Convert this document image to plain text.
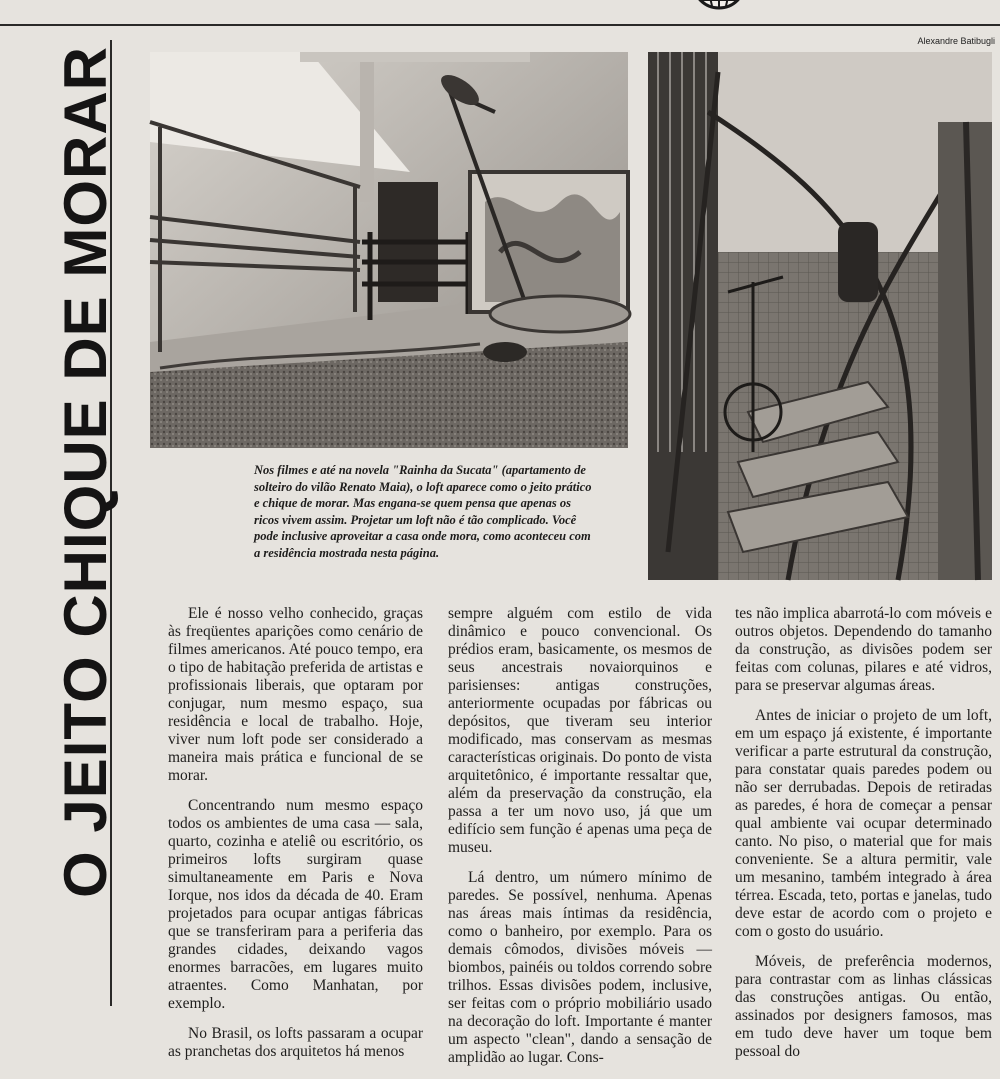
O JEITO CHIQUE DE MORAR
Alexandre Batibugli

Nos filmes e até na novela "Rainha da Sucata" (apartamento de solteiro do vilão Renato Maia), o loft aparece como o jeito prático e chique de morar. Mas engana-se quem pensa que apenas os ricos vivem assim. Projetar um loft não é tão complicado. Você pode inclusive aproveitar a casa onde mora, como aconteceu com a residência mostrada nesta página.

Ele é nosso velho conhecido, graças às freqüentes aparições como cenário de filmes americanos. Até pouco tempo, era o tipo de habitação preferida de artistas e profissionais liberais, que optaram por conjugar, num mesmo espaço, sua residência e local de trabalho. Hoje, viver num loft pode ser considerado a maneira mais prática e funcional de se morar.

Concentrando num mesmo espaço todos os ambientes de uma casa — sala, quarto, cozinha e ateliê ou escritório, os primeiros lofts surgiram quase simultaneamente em Paris e Nova Iorque, nos idos da década de 40. Eram projetados para ocupar antigas fábricas que se transferiram para a periferia das grandes cidades, deixando vagos enormes barracões, em lugares muito atraentes. Como Manhatan, por exemplo.

No Brasil, os lofts passaram a ocupar as pranchetas dos arquitetos há menos

sempre alguém com estilo de vida dinâmico e pouco convencional. Os prédios eram, basicamente, os mesmos de seus ancestrais novaiorquinos e parisienses: antigas construções, anteriormente ocupadas por fábricas ou depósitos, que tiveram seu interior modificado, mas conservam as mesmas características originais. Do ponto de vista arquitetônico, é importante ressaltar que, além da preservação da construção, ela passa a ter um novo uso, já que um edifício sem função é apenas uma peça de museu.

Lá dentro, um número mínimo de paredes. Se possível, nenhuma. Apenas nas áreas mais íntimas da residência, como o banheiro, por exemplo. Para os demais cômodos, divisões móveis — biombos, painéis ou toldos correndo sobre trilhos. Essas divisões podem, inclusive, ser feitas com o próprio mobiliário usado na decoração do loft. Importante é manter um aspecto "clean", dando a sensação de amplidão ao lugar. Cons-

tes não implica abarrotá-lo com móveis e outros objetos. Dependendo do tamanho da construção, as divisões podem ser feitas com colunas, pilares e até vidros, para se preservar algumas áreas.

Antes de iniciar o projeto de um loft, em um espaço já existente, é importante verificar a parte estrutural da construção, para constatar quais paredes podem ou não ser derrubadas. Depois de retiradas as paredes, é hora de começar a pensar qual ambiente vai ocupar determinado canto. No piso, o material que for mais conveniente. Se a altura permitir, vale um mesanino, também integrado à área térrea. Escada, teto, portas e janelas, tudo deve estar de acordo com o projeto e com o gosto do usuário.

Móveis, de preferência modernos, para contrastar com as linhas clássicas das construções antigas. Ou então, assinados por designers famosos, mas em tudo deve haver um toque bem pessoal do
